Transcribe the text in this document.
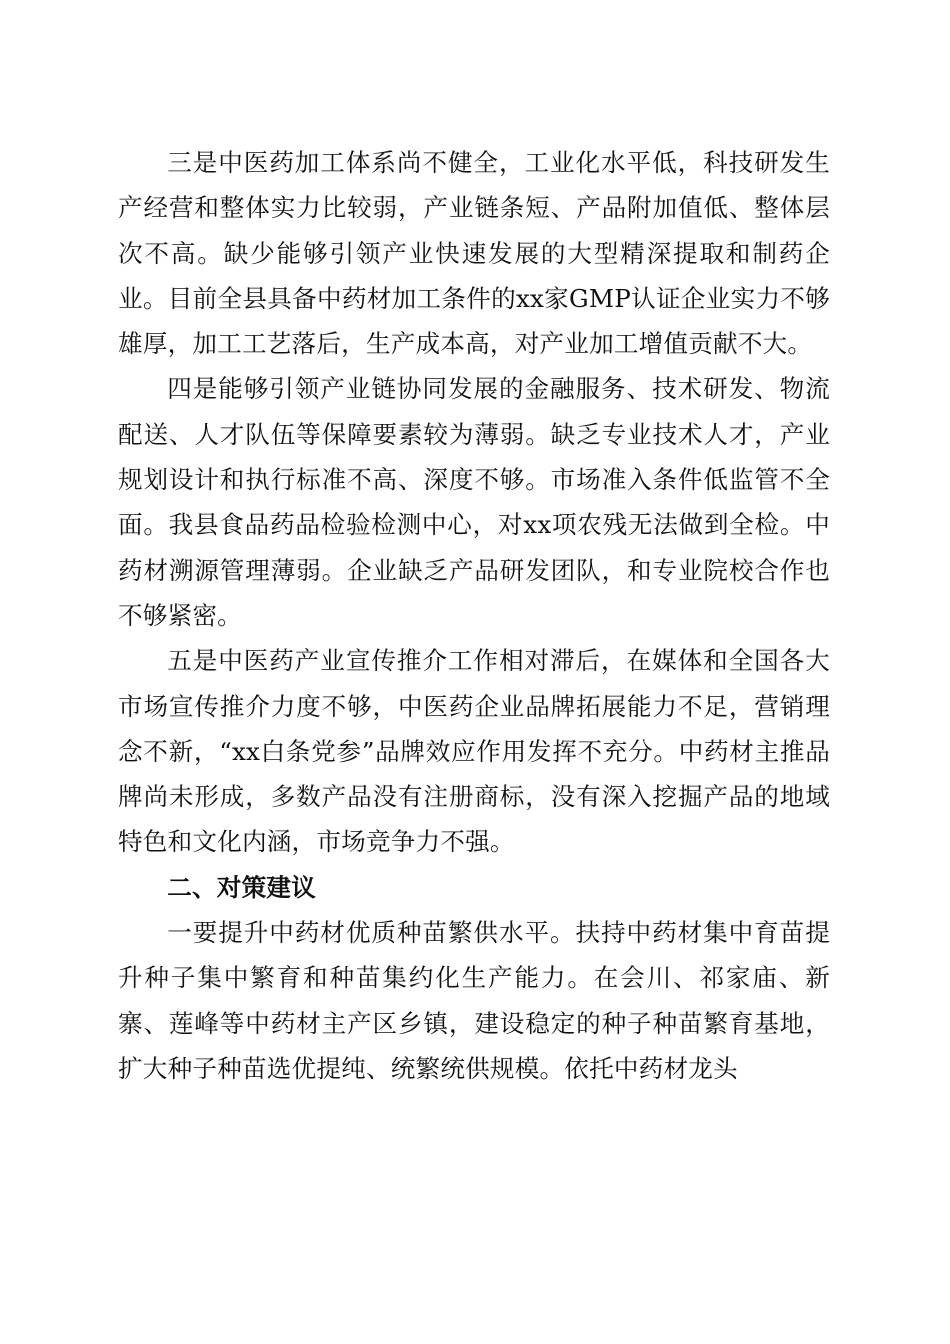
三是中医药加工体系尚不健全，工业化水平低，科技研发生产经营和整体实力比较弱，产业链条短、产品附加值低、整体层次不高。缺少能够引领产业快速发展的大型精深提取和制药企业。目前全县具备中药材加工条件的xx家GMP认证企业实力不够雄厚，加工工艺落后，生产成本高，对产业加工增值贡献不大。

四是能够引领产业链协同发展的金融服务、技术研发、物流配送、人才队伍等保障要素较为薄弱。缺乏专业技术人才，产业规划设计和执行标准不高、深度不够。市场准入条件低监管不全面。我县食品药品检验检测中心，对xx项农残无法做到全检。中药材溯源管理薄弱。企业缺乏产品研发团队，和专业院校合作也不够紧密。

五是中医药产业宣传推介工作相对滞后，在媒体和全国各大市场宣传推介力度不够，中医药企业品牌拓展能力不足，营销理念不新，“xx白条党参”品牌效应作用发挥不充分。中药材主推品牌尚未形成，多数产品没有注册商标，没有深入挖掘产品的地域特色和文化内涵，市场竞争力不强。

二、对策建议

一要提升中药材优质种苗繁供水平。扶持中药材集中育苗提升种子集中繁育和种苗集约化生产能力。在会川、祁家庙、新寨、莲峰等中药材主产区乡镇，建设稳定的种子种苗繁育基地，扩大种子种苗选优提纯、统繁统供规模。依托中药材龙头
